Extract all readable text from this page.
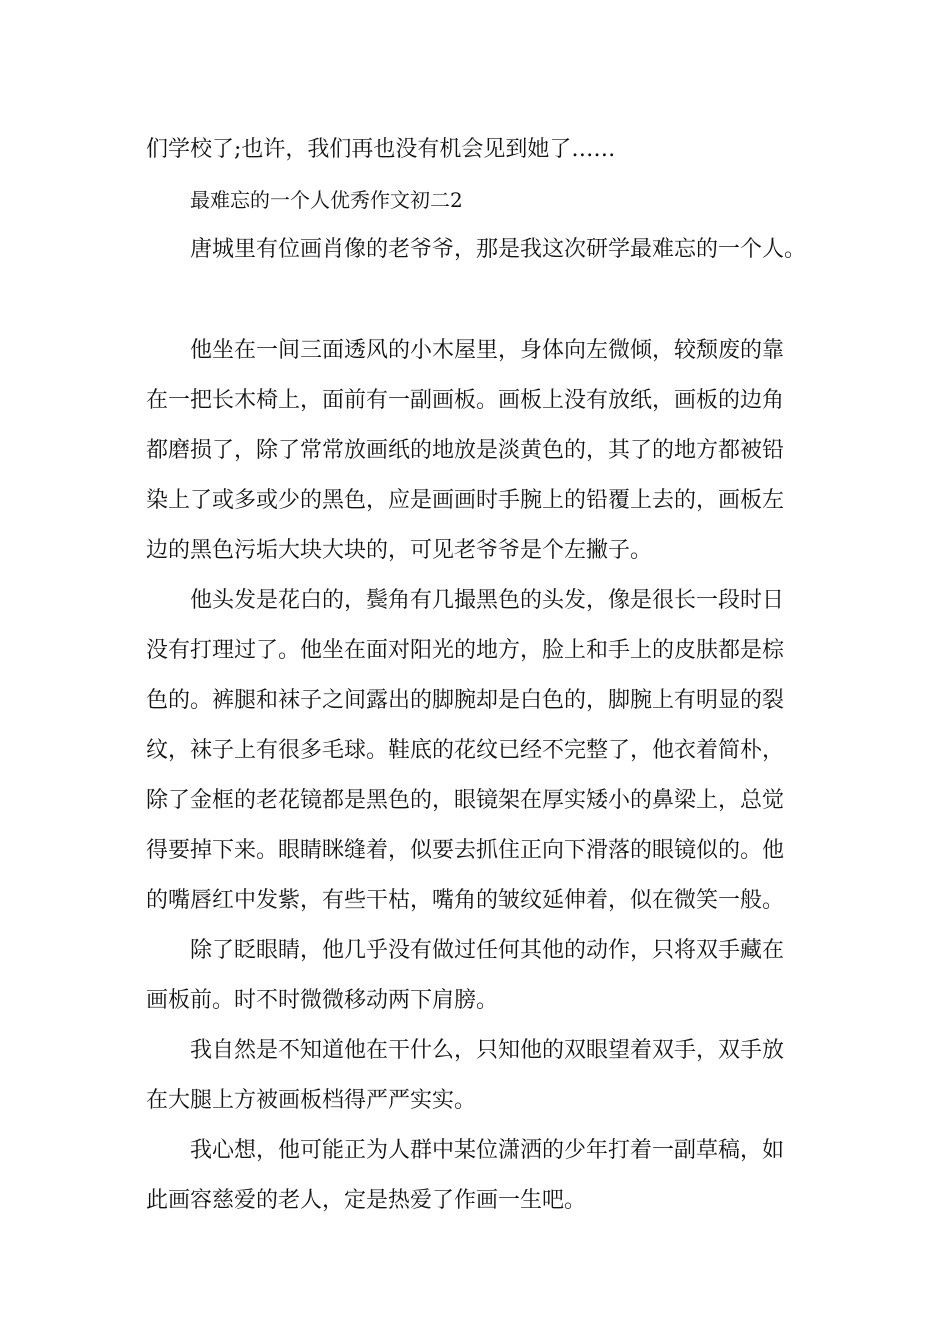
们学校了;也许，我们再也没有机会见到她了……
最难忘的一个人优秀作文初二2
唐城里有位画肖像的老爷爷，那是我这次研学最难忘的一个人。
他坐在一间三面透风的小木屋里，身体向左微倾，较颓废的靠
在一把长木椅上，面前有一副画板。画板上没有放纸，画板的边角
都磨损了，除了常常放画纸的地放是淡黄色的，其了的地方都被铅
染上了或多或少的黑色，应是画画时手腕上的铅覆上去的，画板左
边的黑色污垢大块大块的，可见老爷爷是个左撇子。
他头发是花白的，鬓角有几撮黑色的头发，像是很长一段时日
没有打理过了。他坐在面对阳光的地方，脸上和手上的皮肤都是棕
色的。裤腿和袜子之间露出的脚腕却是白色的，脚腕上有明显的裂
纹，袜子上有很多毛球。鞋底的花纹已经不完整了，他衣着简朴，
除了金框的老花镜都是黑色的，眼镜架在厚实矮小的鼻梁上，总觉
得要掉下来。眼睛眯缝着，似要去抓住正向下滑落的眼镜似的。他
的嘴唇红中发紫，有些干枯，嘴角的皱纹延伸着，似在微笑一般。
除了眨眼睛，他几乎没有做过任何其他的动作，只将双手藏在
画板前。时不时微微移动两下肩膀。
我自然是不知道他在干什么，只知他的双眼望着双手，双手放
在大腿上方被画板档得严严实实。
我心想，他可能正为人群中某位潇洒的少年打着一副草稿，如
此画容慈爱的老人，定是热爱了作画一生吧。
